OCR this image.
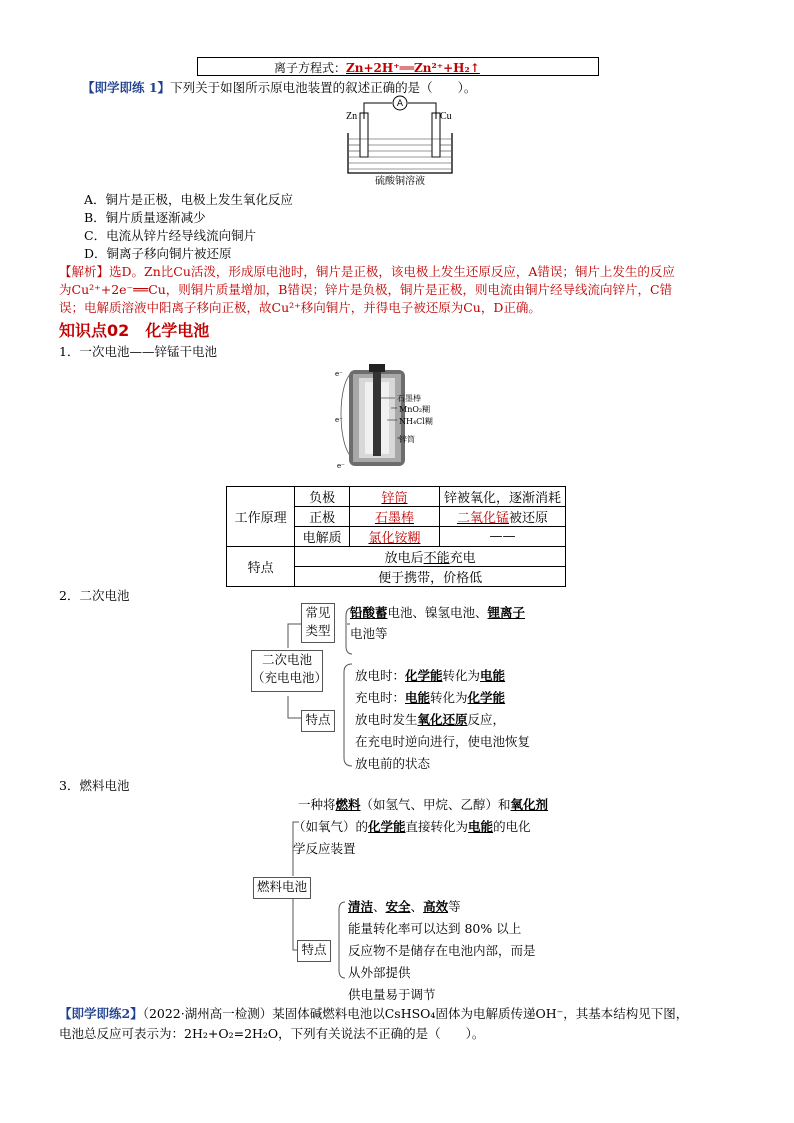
离子方程式：Zn+2H⁺══Zn²⁺+H₂↑
【即学即练 1】下列关于如图所示原电池装置的叙述正确的是（　　）。
A
Zn	Cu
硫酸铜溶液
A．铜片是正极，电极上发生氧化反应
B．铜片质量逐渐减少
C．电流从锌片经导线流向铜片
D．铜离子移向铜片被还原
【解析】选D。Zn比Cu活泼，形成原电池时，铜片是正极，该电极上发生还原反应，A错误；铜片上发生的反应
为Cu²⁺+2e⁻══Cu，则铜片质量增加，B错误；锌片是负极，铜片是正极，则电流由铜片经导线流向锌片，C错
误；电解质溶液中阳离子移向正极，故Cu²⁺移向铜片，并得电子被还原为Cu，D正确。
知识点02　化学电池
1．一次电池——锌锰干电池
e⁻
e⁻
e⁻
石墨棒
MnO₂糊
NH₄Cl糊
锌筒
工作原理	负极	锌筒	锌被氧化，逐渐消耗
	正极	石墨棒	二氧化锰被还原
	电解质	氯化铵糊	——
特点	放电后不能充电		
	便于携带，价格低		
2．二次电池
常见
类型
二次电池
（充电电池）
特点
铅酸蓄电池、镍氢电池、锂离子
电池等
放电时：化学能转化为电能
充电时：电能转化为化学能
放电时发生氧化还原反应，
在充电时逆向进行，使电池恢复
放电前的状态
3．燃料电池
燃料电池
特点
一种将燃料（如氢气、甲烷、乙醇）和氧化剂
（如氧气）的化学能直接转化为电能的电化
学反应装置
清洁、安全、高效等
能量转化率可以达到 80% 以上
反应物不是储存在电池内部，而是
从外部提供
供电量易于调节
【即学即练2】（2022·湖州高一检测）某固体碱燃料电池以CsHSO₄固体为电解质传递OH⁻，其基本结构见下图，
电池总反应可表示为：2H₂+O₂=2H₂O，下列有关说法不正确的是（　　）。
